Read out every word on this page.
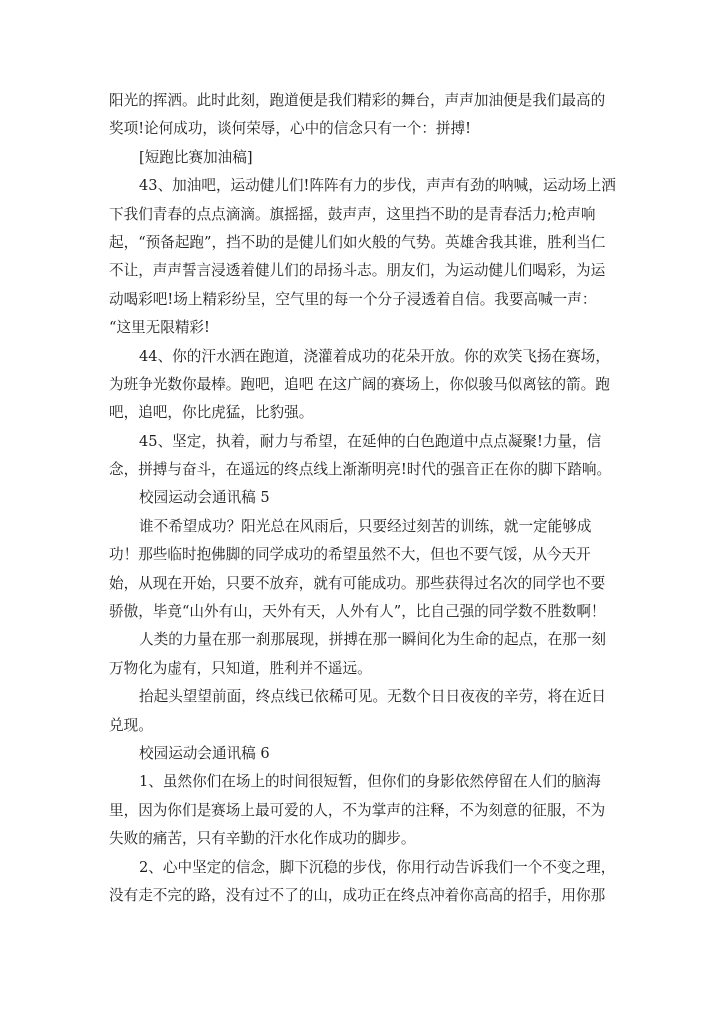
阳光的挥洒。此时此刻，跑道便是我们精彩的舞台，声声加油便是我们最高的
奖项!论何成功，谈何荣辱，心中的信念只有一个：拼搏!
[短跑比赛加油稿]
43、加油吧，运动健儿们!阵阵有力的步伐，声声有劲的呐喊，运动场上洒
下我们青春的点点滴滴。旗摇摇，鼓声声，这里挡不助的是青春活力;枪声响
起，“预备起跑”，挡不助的是健儿们如火般的气势。英雄舍我其谁，胜利当仁
不让，声声誓言浸透着健儿们的昂扬斗志。朋友们，为运动健儿们喝彩，为运
动喝彩吧!场上精彩纷呈，空气里的每一个分子浸透着自信。我要高喊一声：
“这里无限精彩!
44、你的汗水洒在跑道，浇灌着成功的花朵开放。你的欢笑飞扬在赛场，
为班争光数你最棒。跑吧，追吧 在这广阔的赛场上，你似骏马似离铉的箭。跑
吧，追吧，你比虎猛，比豹强。
45、坚定，执着，耐力与希望，在延伸的白色跑道中点点凝聚!力量，信
念，拼搏与奋斗，在遥远的终点线上渐渐明亮!时代的强音正在你的脚下踏响。
校园运动会通讯稿 5
谁不希望成功？阳光总在风雨后，只要经过刻苦的训练，就一定能够成
功！那些临时抱佛脚的同学成功的希望虽然不大，但也不要气馁，从今天开
始，从现在开始，只要不放弃，就有可能成功。那些获得过名次的同学也不要
骄傲，毕竟“山外有山，天外有天，人外有人”，比自己强的同学数不胜数啊！
人类的力量在那一刹那展现，拼搏在那一瞬间化为生命的起点，在那一刻
万物化为虚有，只知道，胜利并不遥远。
抬起头望望前面，终点线已依稀可见。无数个日日夜夜的辛劳，将在近日
兑现。
校园运动会通讯稿 6
1、虽然你们在场上的时间很短暂，但你们的身影依然停留在人们的脑海
里，因为你们是赛场上最可爱的人，不为掌声的注释，不为刻意的征服，不为
失败的痛苦，只有辛勤的汗水化作成功的脚步。
2、心中坚定的信念，脚下沉稳的步伐，你用行动告诉我们一个不变之理，
没有走不完的路，没有过不了的山，成功正在终点冲着你高高的招手，用你那
